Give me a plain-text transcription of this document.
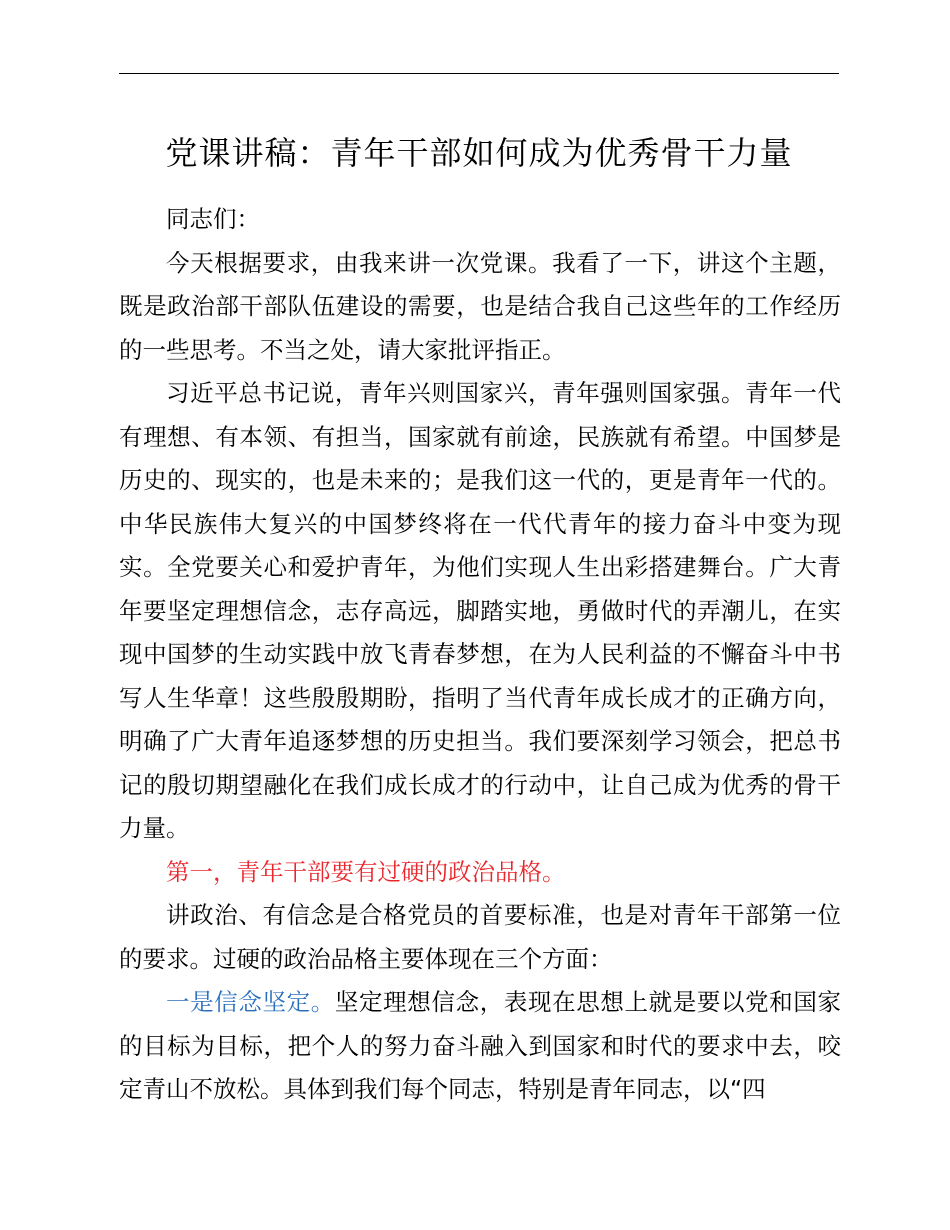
党课讲稿：青年干部如何成为优秀骨干力量

同志们：

今天根据要求，由我来讲一次党课。我看了一下，讲这个主题，既是政治部干部队伍建设的需要，也是结合我自己这些年的工作经历的一些思考。不当之处，请大家批评指正。

习近平总书记说，青年兴则国家兴，青年强则国家强。青年一代有理想、有本领、有担当，国家就有前途，民族就有希望。中国梦是历史的、现实的，也是未来的；是我们这一代的，更是青年一代的。中华民族伟大复兴的中国梦终将在一代代青年的接力奋斗中变为现实。全党要关心和爱护青年，为他们实现人生出彩搭建舞台。广大青年要坚定理想信念，志存高远，脚踏实地，勇做时代的弄潮儿，在实现中国梦的生动实践中放飞青春梦想，在为人民利益的不懈奋斗中书写人生华章！这些殷殷期盼，指明了当代青年成长成才的正确方向，明确了广大青年追逐梦想的历史担当。我们要深刻学习领会，把总书记的殷切期望融化在我们成长成才的行动中，让自己成为优秀的骨干力量。

第一，青年干部要有过硬的政治品格。

讲政治、有信念是合格党员的首要标准，也是对青年干部第一位的要求。过硬的政治品格主要体现在三个方面：

一是信念坚定。坚定理想信念，表现在思想上就是要以党和国家的目标为目标，把个人的努力奋斗融入到国家和时代的要求中去，咬定青山不放松。具体到我们每个同志，特别是青年同志，以“四
